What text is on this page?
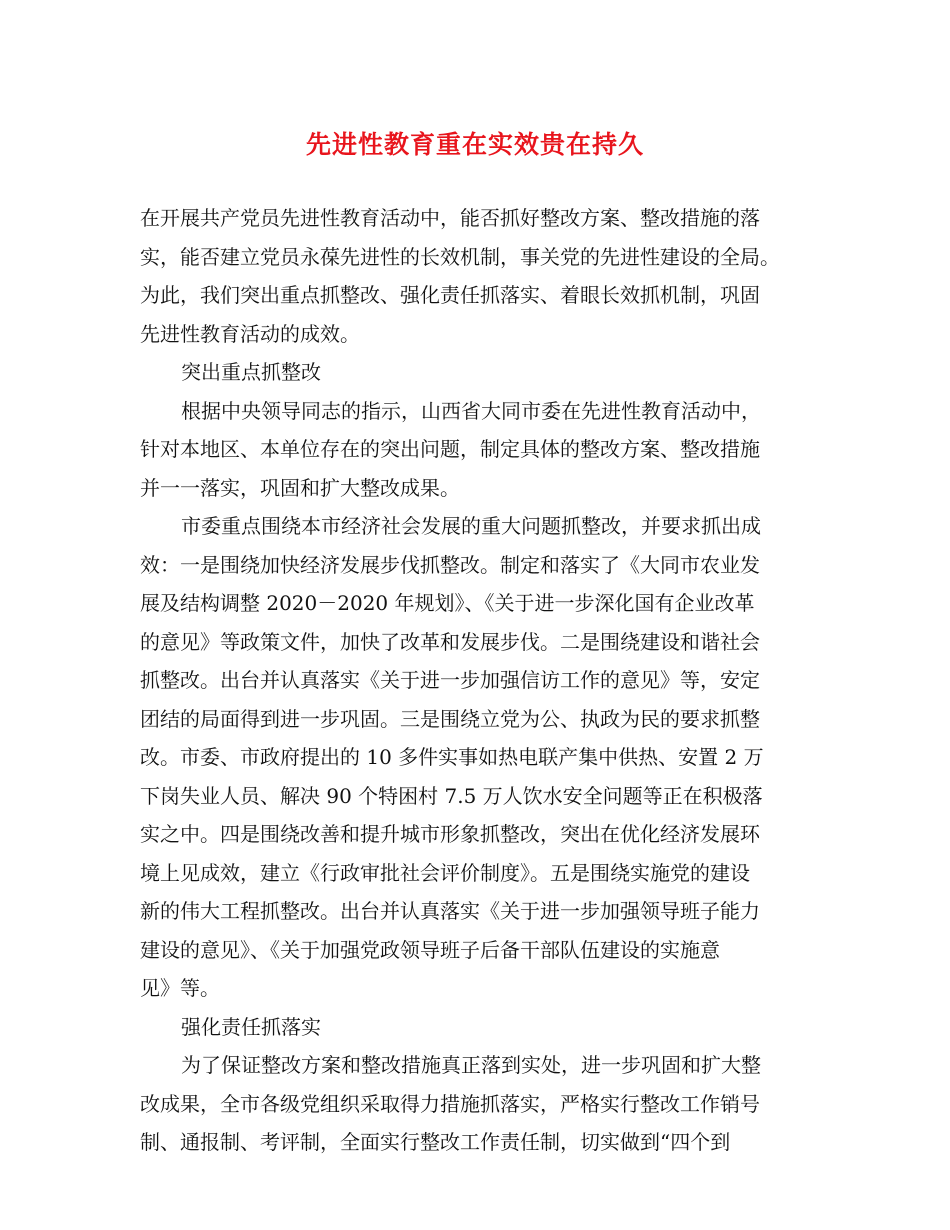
先进性教育重在实效贵在持久
在开展共产党员先进性教育活动中，能否抓好整改方案、整改措施的落
实，能否建立党员永葆先进性的长效机制，事关党的先进性建设的全局。
为此，我们突出重点抓整改、强化责任抓落实、着眼长效抓机制，巩固
先进性教育活动的成效。
突出重点抓整改
根据中央领导同志的指示，山西省大同市委在先进性教育活动中，
针对本地区、本单位存在的突出问题，制定具体的整改方案、整改措施
并一一落实，巩固和扩大整改成果。
市委重点围绕本市经济社会发展的重大问题抓整改，并要求抓出成
效：一是围绕加快经济发展步伐抓整改。制定和落实了《大同市农业发
展及结构调整 2020－2020 年规划》、《关于进一步深化国有企业改革
的意见》等政策文件，加快了改革和发展步伐。二是围绕建设和谐社会
抓整改。出台并认真落实《关于进一步加强信访工作的意见》等，安定
团结的局面得到进一步巩固。三是围绕立党为公、执政为民的要求抓整
改。市委、市政府提出的 10 多件实事如热电联产集中供热、安置 2 万
下岗失业人员、解决 90 个特困村 7.5 万人饮水安全问题等正在积极落
实之中。四是围绕改善和提升城市形象抓整改，突出在优化经济发展环
境上见成效，建立《行政审批社会评价制度》。五是围绕实施党的建设
新的伟大工程抓整改。出台并认真落实《关于进一步加强领导班子能力
建设的意见》、《关于加强党政领导班子后备干部队伍建设的实施意
见》等。
强化责任抓落实
为了保证整改方案和整改措施真正落到实处，进一步巩固和扩大整
改成果，全市各级党组织采取得力措施抓落实，严格实行整改工作销号
制、通报制、考评制，全面实行整改工作责任制，切实做到“四个到
